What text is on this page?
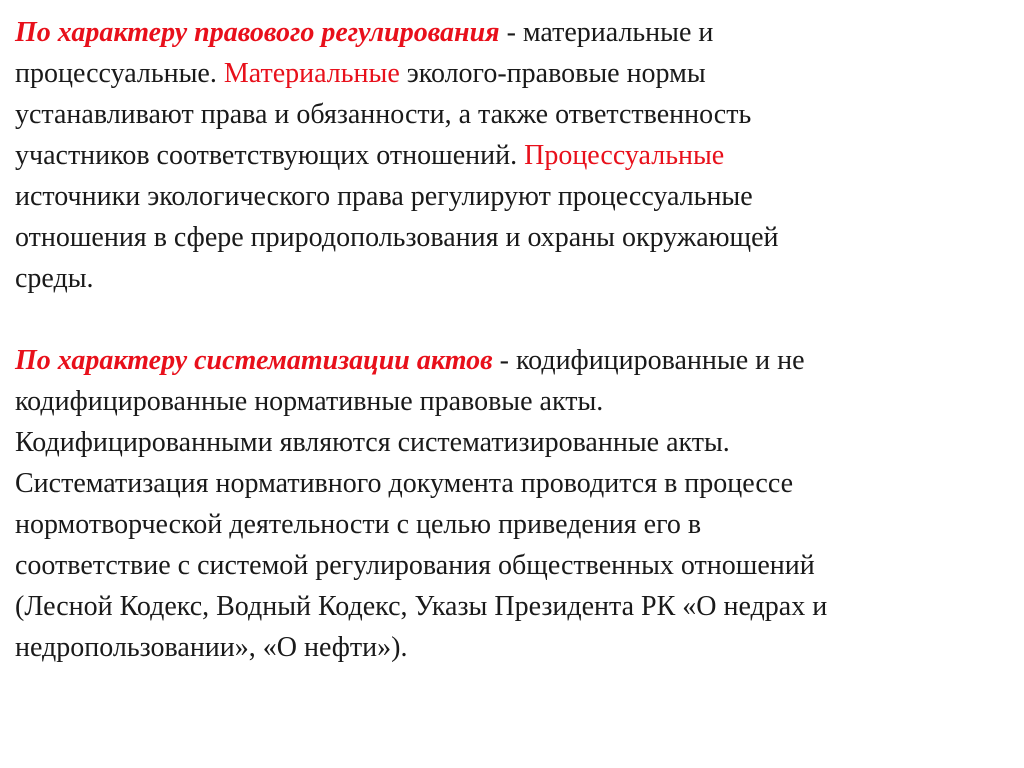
По характеру правового регулирования - материальные и
процессуальные. Материальные эколого-правовые нормы
устанавливают права и обязанности, а также ответственность
участников соответствующих отношений. Процессуальные
источники экологического права регулируют процессуальные
отношения в сфере природопользования и охраны окружающей
среды.

По характеру систематизации актов - кодифицированные и не
кодифицированные нормативные правовые акты.
Кодифицированными являются систематизированные акты.
Систематизация нормативного документа проводится в процессе
нормотворческой деятельности с целью приведения его в
соответствие с системой регулирования общественных отношений
(Лесной Кодекс, Водный Кодекс, Указы Президента РК «О недрах и
недропользовании», «О нефти»).
